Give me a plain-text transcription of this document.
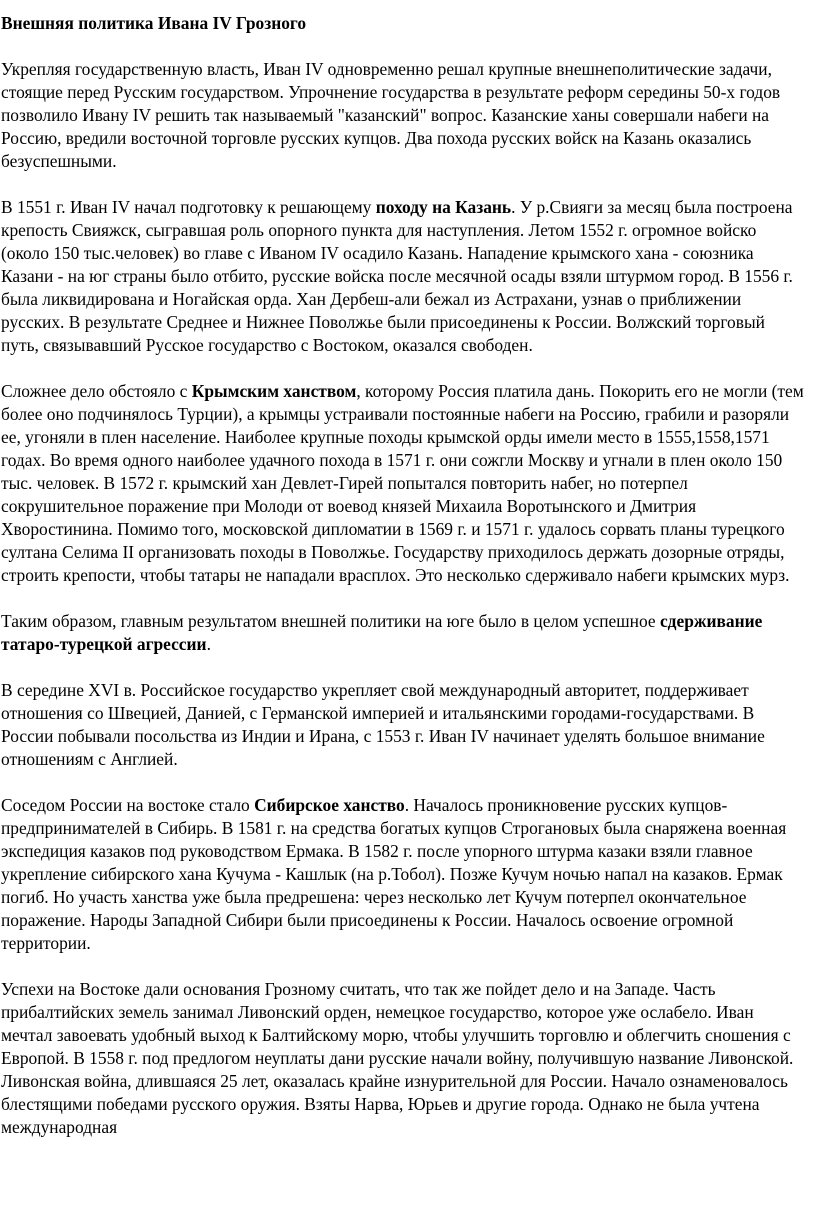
Внешняя политика Ивана IV Грозного
Укрепляя государственную власть, Иван IV одновременно решал крупные внешнеполитические задачи, стоящие перед Русским государством. Упрочнение государства в результате реформ середины 50-х годов позволило Ивану IV решить так называемый "казанский" вопрос. Казанские ханы совершали набеги на Россию, вредили восточной торговле русских купцов. Два похода русских войск на Казань оказались безуспешными.
В 1551 г. Иван IV начал подготовку к решающему походу на Казань. У р.Свияги за месяц была построена крепость Свияжск, сыгравшая роль опорного пункта для наступления. Летом 1552 г. огромное войско (около 150 тыс.человек) во главе с Иваном IV осадило Казань. Нападение крымского хана - союзника Казани - на юг страны было отбито, русские войска после месячной осады взяли штурмом город. В 1556 г. была ликвидирована и Ногайская орда. Хан Дербеш-али бежал из Астрахани, узнав о приближении русских. В результате Среднее и Нижнее Поволжье были присоединены к России. Волжский торговый путь, связывавший Русское государство с Востоком, оказался свободен.
Сложнее дело обстояло с Крымским ханством, которому Россия платила дань. Покорить его не могли (тем более оно подчинялось Турции), а крымцы устраивали постоянные набеги на Россию, грабили и разоряли ее, угоняли в плен население. Наиболее крупные походы крымской орды имели место в 1555,1558,1571 годах. Во время одного наиболее удачного похода в 1571 г. они сожгли Москву и угнали в плен около 150 тыс. человек. В 1572 г. крымский хан Девлет-Гирей попытался повторить набег, но потерпел сокрушительное поражение при Молоди от воевод князей Михаила Воротынского и Дмитрия Хворостинина. Помимо того, московской дипломатии в 1569 г. и 1571 г. удалось сорвать планы турецкого султана Селима II организовать походы в Поволжье. Государству приходилось держать дозорные отряды, строить крепости, чтобы татары не нападали врасплох. Это несколько сдерживало набеги крымских мурз.
Таким образом, главным результатом внешней политики на юге было в целом успешное сдерживание татаро-турецкой агрессии.
В середине XVI в. Российское государство укрепляет свой международный авторитет, поддерживает отношения со Швецией, Данией, с Германской империей и итальянскими городами-государствами. В России побывали посольства из Индии и Ирана, с 1553 г. Иван IV начинает уделять большое внимание отношениям с Англией.
Соседом России на востоке стало Сибирское ханство. Началось проникновение русских купцов-предпринимателей в Сибирь. В 1581 г. на средства богатых купцов Строгановых была снаряжена военная экспедиция казаков под руководством Ермака. В 1582 г. после упорного штурма казаки взяли главное укрепление сибирского хана Кучума - Кашлык (на р.Тобол). Позже Кучум ночью напал на казаков. Ермак погиб. Но участь ханства уже была предрешена: через несколько лет Кучум потерпел окончательное поражение. Народы Западной Сибири были присоединены к России. Началось освоение огромной территории.
Успехи на Востоке дали основания Грозному считать, что так же пойдет дело и на Западе. Часть прибалтийских земель занимал Ливонский орден, немецкое государство, которое уже ослабело. Иван мечтал завоевать удобный выход к Балтийскому морю, чтобы улучшить торговлю и облегчить сношения с Европой. В 1558 г. под предлогом неуплаты дани русские начали войну, получившую название Ливонской. Ливонская война, длившаяся 25 лет, оказалась крайне изнурительной для России. Начало ознаменовалось блестящими победами русского оружия. Взяты Нарва, Юрьев и другие города. Однако не была учтена международная
